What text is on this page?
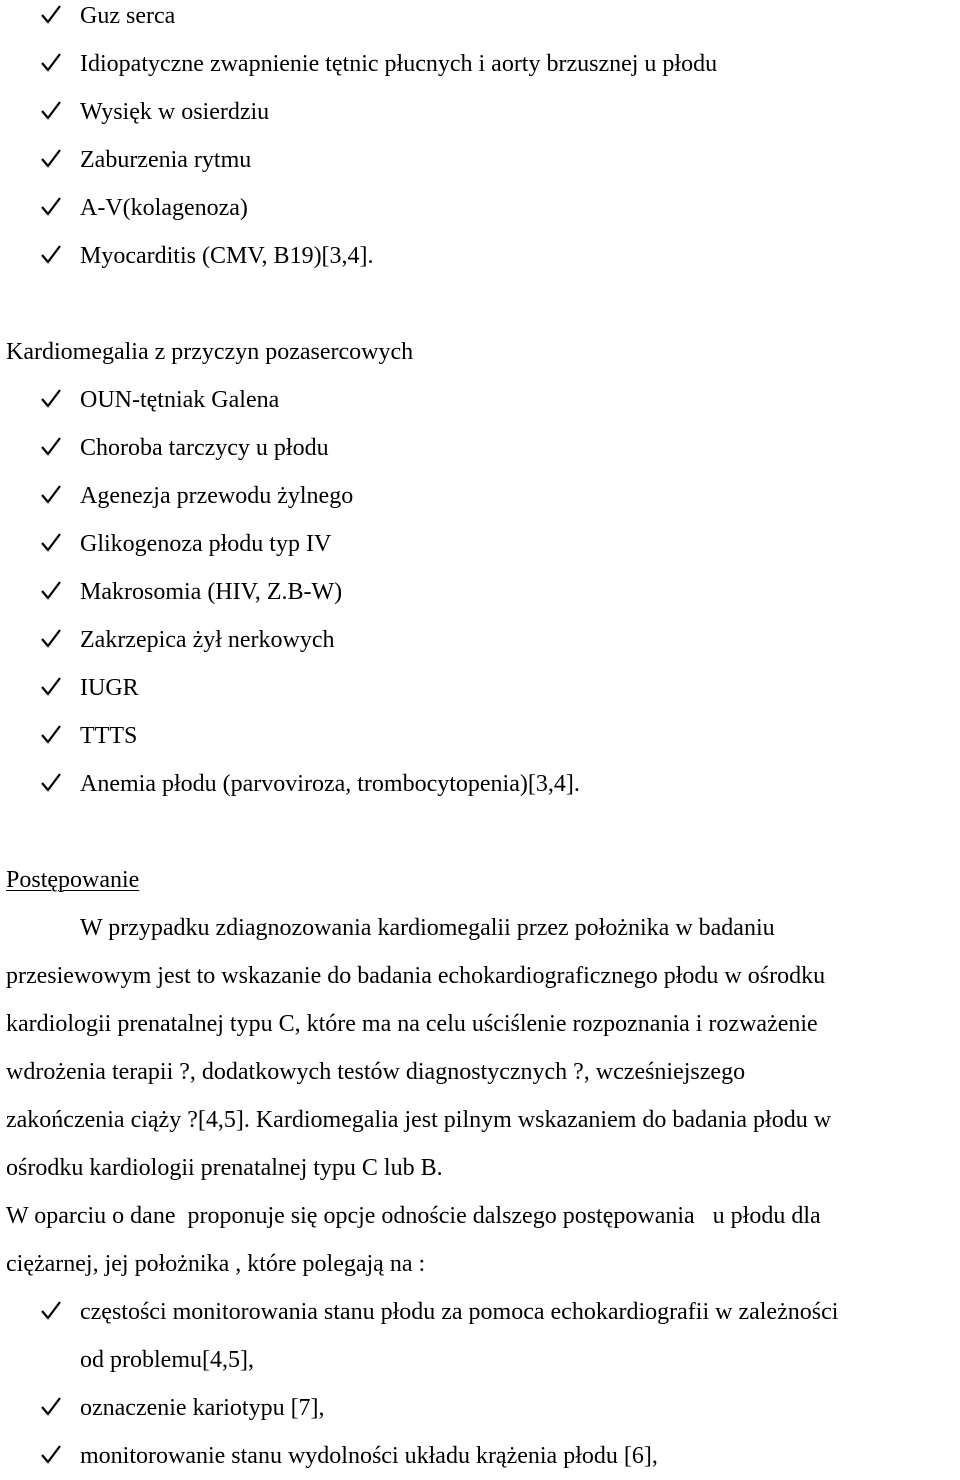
Guz serca
Idiopatyczne zwapnienie tętnic płucnych i aorty brzusznej u płodu
Wysięk w osierdziu
Zaburzenia rytmu
A-V(kolagenoza)
Myocarditis (CMV, B19)[3,4].
Kardiomegalia z przyczyn pozasercowych
OUN-tętniak Galena
Choroba tarczycy u płodu
Agenezja przewodu żylnego
Glikogenoza płodu typ IV
Makrosomia (HIV, Z.B-W)
Zakrzepica żył nerkowych
IUGR
TTTS
Anemia płodu (parvoviroza, trombocytopenia)[3,4].
Postępowanie
W przypadku zdiagnozowania kardiomegalii przez położnika w badaniu
przesiewowym jest to wskazanie do badania echokardiograficznego płodu w ośrodku
kardiologii prenatalnej typu C, które ma na celu uściślenie rozpoznania i rozważenie
wdrożenia terapii ?, dodatkowych testów diagnostycznych ?, wcześniejszego
zakończenia ciąży ?[4,5]. Kardiomegalia jest pilnym wskazaniem do badania płodu w
ośrodku kardiologii prenatalnej typu C lub B.
W oparciu o dane  proponuje się opcje odnoście dalszego postępowania   u płodu dla
ciężarnej, jej położnika , które polegają na :
częstości monitorowania stanu płodu za pomoca echokardiografii w zależności
od problemu[4,5],
oznaczenie kariotypu [7],
monitorowanie stanu wydolności układu krążenia płodu [6],
